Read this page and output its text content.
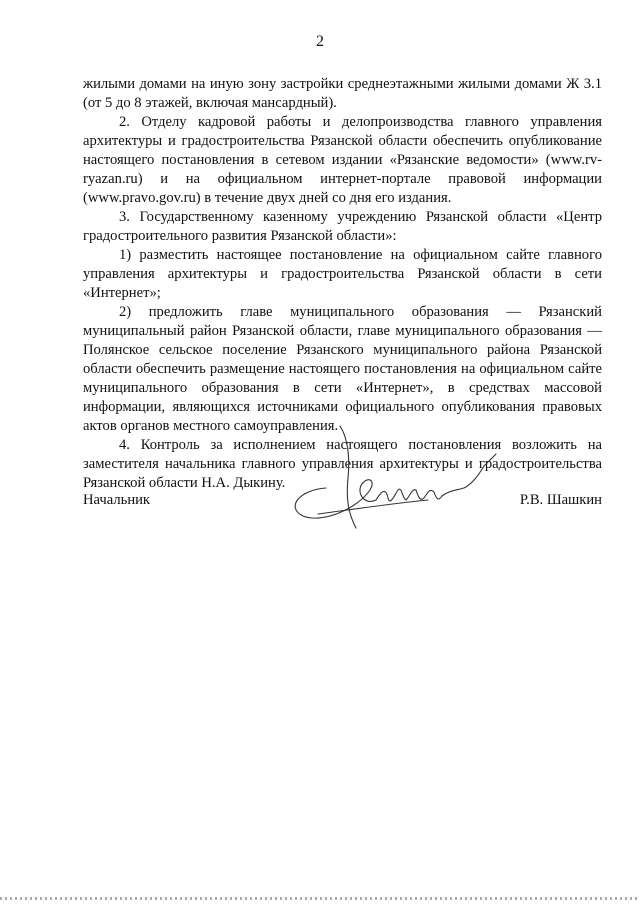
2

жилыми домами на иную зону застройки среднеэтажными жилыми домами Ж 3.1 (от 5 до 8 этажей, включая мансардный).

2. Отделу кадровой работы и делопроизводства главного управления архитектуры и градостроительства Рязанской области обеспечить опубликование настоящего постановления в сетевом издании «Рязанские ведомости» (www.rv-ryazan.ru) и на официальном интернет-портале правовой информации (www.pravo.gov.ru) в течение двух дней со дня его издания.

3. Государственному казенному учреждению Рязанской области «Центр градостроительного развития Рязанской области»:

1) разместить настоящее постановление на официальном сайте главного управления архитектуры и градостроительства Рязанской области в сети «Интернет»;

2) предложить главе муниципального образования — Рязанский муниципальный район Рязанской области, главе муниципального образования — Полянское сельское поселение Рязанского муниципального района Рязанской области обеспечить размещение настоящего постановления на официальном сайте муниципального образования в сети «Интернет», в средствах массовой информации, являющихся источниками официального опубликования правовых актов органов местного самоуправления.

4. Контроль за исполнением настоящего постановления возложить на заместителя начальника главного управления архитектуры и градостроительства Рязанской области Н.А. Дыкину.

Начальник	Р.В. Шашкин
